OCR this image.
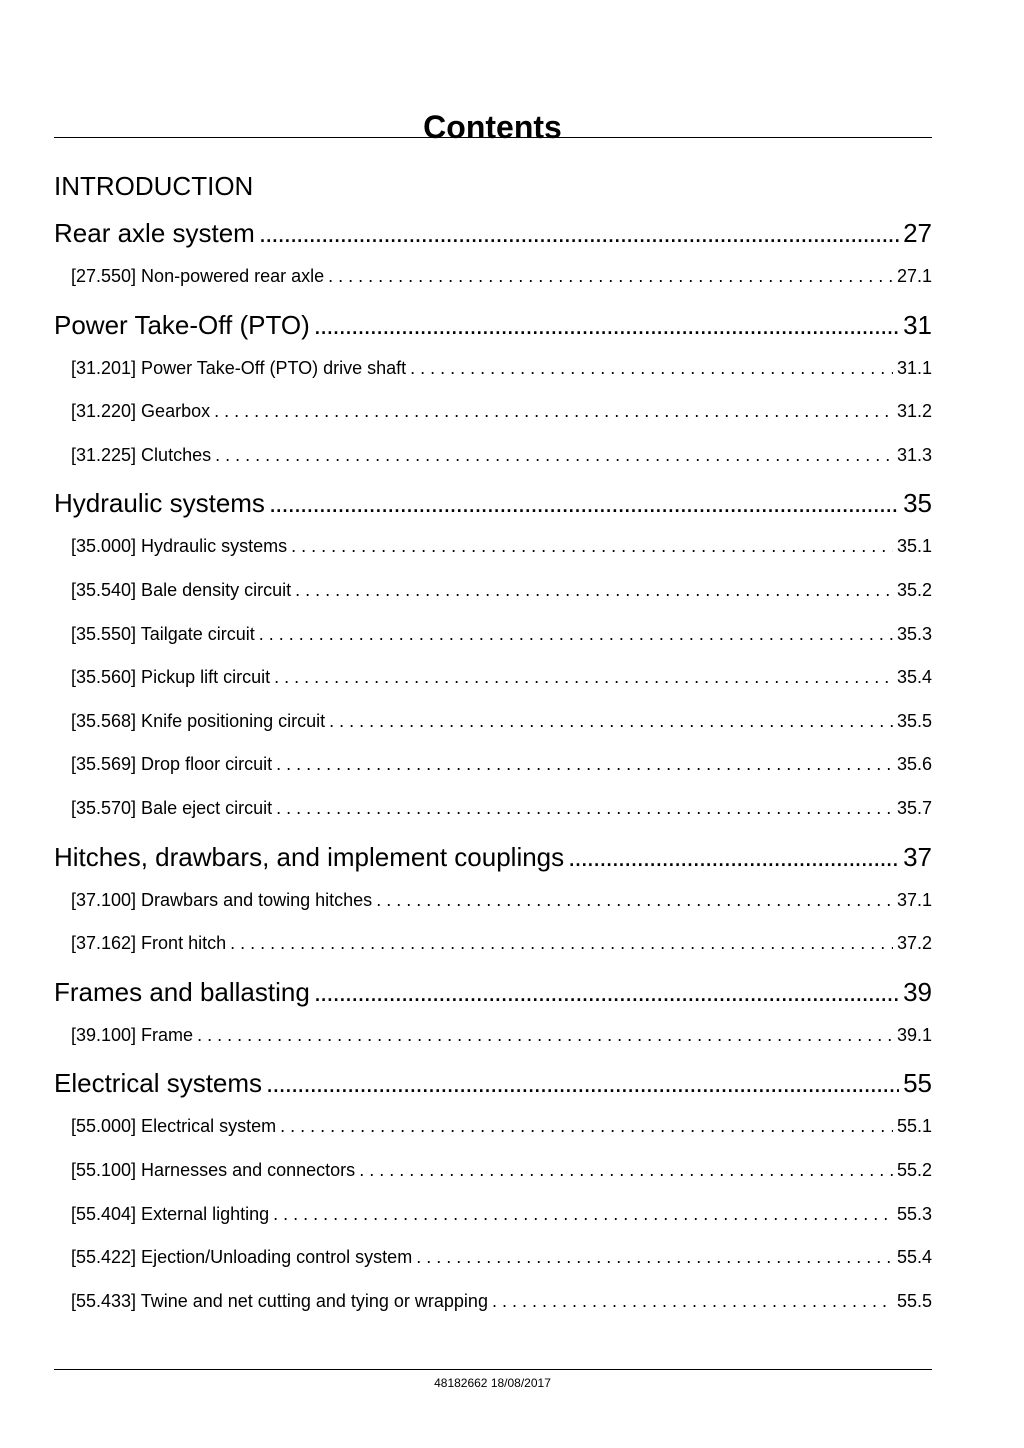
Contents
INTRODUCTION
Rear axle system .....	27
[27.550] Non-powered rear axle . . .	27.1
Power Take-Off (PTO) .....	31
[31.201] Power Take-Off (PTO) drive shaft . . .	31.1
[31.220] Gearbox . . .	31.2
[31.225] Clutches . . .	31.3
Hydraulic systems .....	35
[35.000] Hydraulic systems . . .	35.1
[35.540] Bale density circuit . . .	35.2
[35.550] Tailgate circuit . . .	35.3
[35.560] Pickup lift circuit . . .	35.4
[35.568] Knife positioning circuit . . .	35.5
[35.569] Drop floor circuit . . .	35.6
[35.570] Bale eject circuit . . .	35.7
Hitches, drawbars, and implement couplings .....	37
[37.100] Drawbars and towing hitches . . .	37.1
[37.162] Front hitch . . .	37.2
Frames and ballasting .....	39
[39.100] Frame . . .	39.1
Electrical systems .....	55
[55.000] Electrical system . . .	55.1
[55.100] Harnesses and connectors . . .	55.2
[55.404] External lighting . . .	55.3
[55.422] Ejection/Unloading control system . . .	55.4
[55.433] Twine and net cutting and tying or wrapping . . .	55.5
48182662 18/08/2017
